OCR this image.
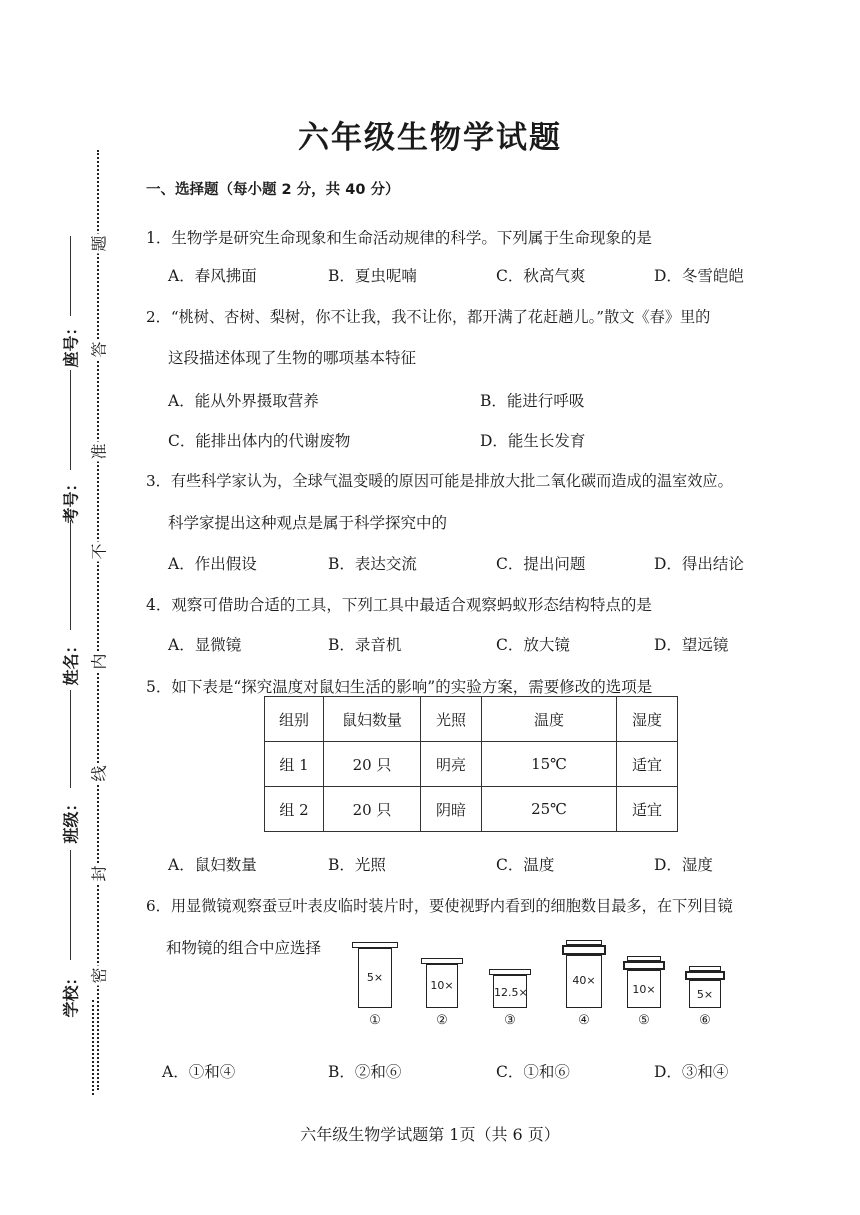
密
封
线
内
不
准
答
题
学校：
班级：
姓名：
考号：
座号：
六年级生物学试题
一、选择题（每小题 2 分，共 40 分）
1．生物学是研究生命现象和生命活动规律的科学。下列属于生命现象的是
A．春风拂面	B．夏虫呢喃	C．秋高气爽	D．冬雪皑皑
2．“桃树、杏树、梨树，你不让我，我不让你，都开满了花赶趟儿。”散文《春》里的
这段描述体现了生物的哪项基本特征
A．能从外界摄取营养	B．能进行呼吸
C．能排出体内的代谢废物	D．能生长发育
3．有些科学家认为，全球气温变暖的原因可能是排放大批二氧化碳而造成的温室效应。
科学家提出这种观点是属于科学探究中的
A．作出假设	B．表达交流	C．提出问题	D．得出结论
4．观察可借助合适的工具，下列工具中最适合观察蚂蚁形态结构特点的是
A．显微镜	B．录音机	C．放大镜	D．望远镜
5．如下表是“探究温度对鼠妇生活的影响”的实验方案，需要修改的选项是
组别	鼠妇数量	光照	温度	湿度
组 1	20 只	明亮	15℃	适宜
组 2	20 只	阴暗	25℃	适宜
A．鼠妇数量	B．光照	C．温度	D．湿度
6．用显微镜观察蚕豆叶表皮临时装片时，要使视野内看到的细胞数目最多，在下列目镜
和物镜的组合中应选择
5×
①
10×
②
12.5×
③
40×
④
10×
⑤
5×
⑥
A．①和④	B．②和⑥	C．①和⑥	D．③和④
六年级生物学试题第 1页（共 6 页）
